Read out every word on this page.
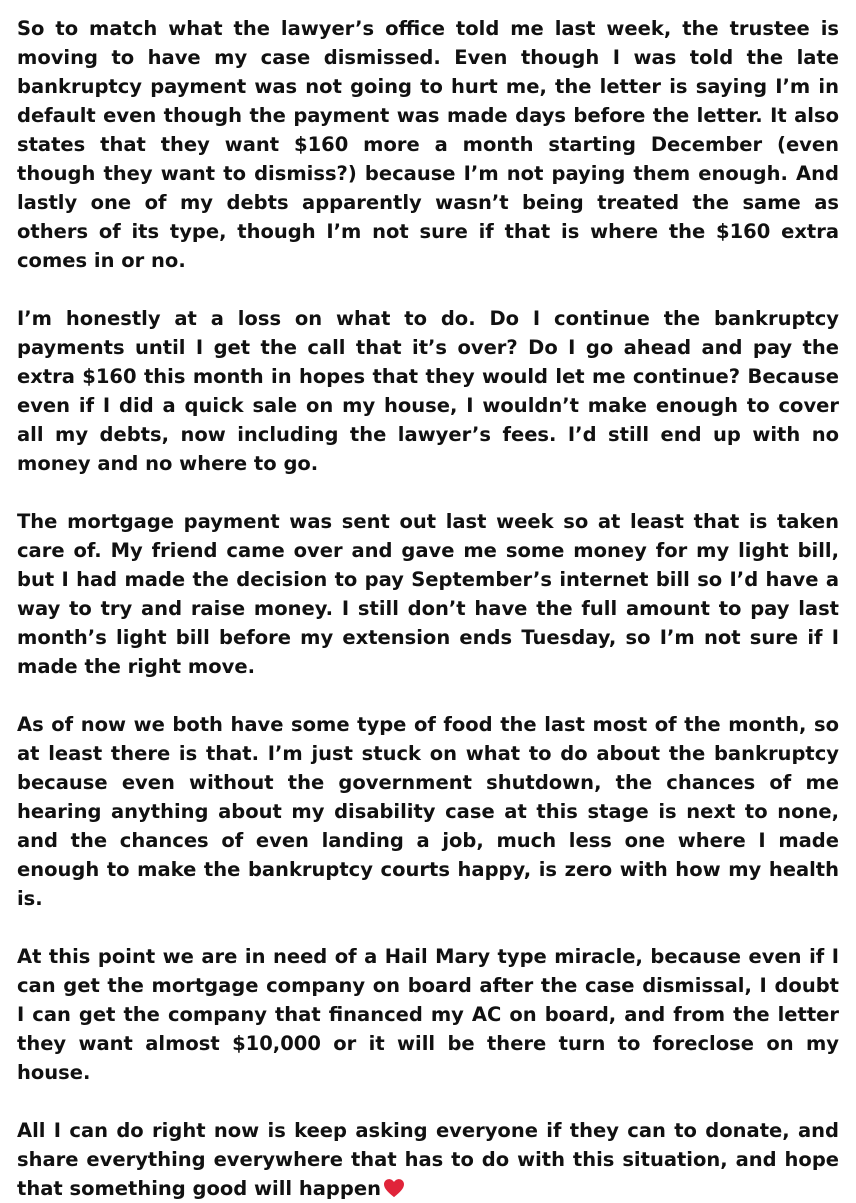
So to match what the lawyer’s office told me last week, the trustee is moving to have my case dismissed. Even though I was told the late bankruptcy payment was not going to hurt me, the letter is saying I’m in default even though the payment was made days before the letter. It also states that they want $160 more a month starting December (even though they want to dismiss?) because I’m not paying them enough. And lastly one of my debts apparently wasn’t being treated the same as others of its type, though I’m not sure if that is where the $160 extra comes in or no.

I’m honestly at a loss on what to do. Do I continue the bankruptcy payments until I get the call that it’s over? Do I go ahead and pay the extra $160 this month in hopes that they would let me continue? Because even if I did a quick sale on my house, I wouldn’t make enough to cover all my debts, now including the lawyer’s fees. I’d still end up with no money and no where to go.

The mortgage payment was sent out last week so at least that is taken care of. My friend came over and gave me some money for my light bill, but I had made the decision to pay September’s internet bill so I’d have a way to try and raise money. I still don’t have the full amount to pay last month’s light bill before my extension ends Tuesday, so I’m not sure if I made the right move.

As of now we both have some type of food the last most of the month, so at least there is that. I’m just stuck on what to do about the bankruptcy because even without the government shutdown, the chances of me hearing anything about my disability case at this stage is next to none, and the chances of even landing a job, much less one where I made enough to make the bankruptcy courts happy, is zero with how my health is.

At this point we are in need of a Hail Mary type miracle, because even if I can get the mortgage company on board after the case dismissal, I doubt I can get the company that financed my AC on board, and from the letter they want almost $10,000 or it will be there turn to foreclose on my house.

All I can do right now is keep asking everyone if they can to donate, and share everything everywhere that has to do with this situation, and hope that something good will happen
